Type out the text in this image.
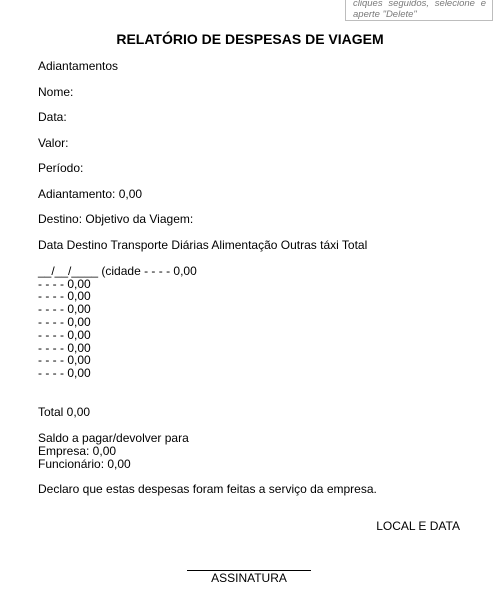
cliques seguidos, selecione e aperte "Delete"
RELATÓRIO DE DESPESAS DE VIAGEM
Adiantamentos
Nome:
Data:
Valor:
Período:
Adiantamento: 0,00
Destino: Objetivo da Viagem:
Data Destino Transporte Diárias Alimentação Outras táxi Total
__/__/____ (cidade - - - - 0,00
- - - - 0,00
- - - - 0,00
- - - - 0,00
- - - - 0,00
- - - - 0,00
- - - - 0,00
- - - - 0,00
- - - - 0,00
Total 0,00
Saldo a pagar/devolver para
Empresa: 0,00
Funcionário: 0,00
Declaro que estas despesas foram feitas a serviço da empresa.
LOCAL E DATA
ASSINATURA
